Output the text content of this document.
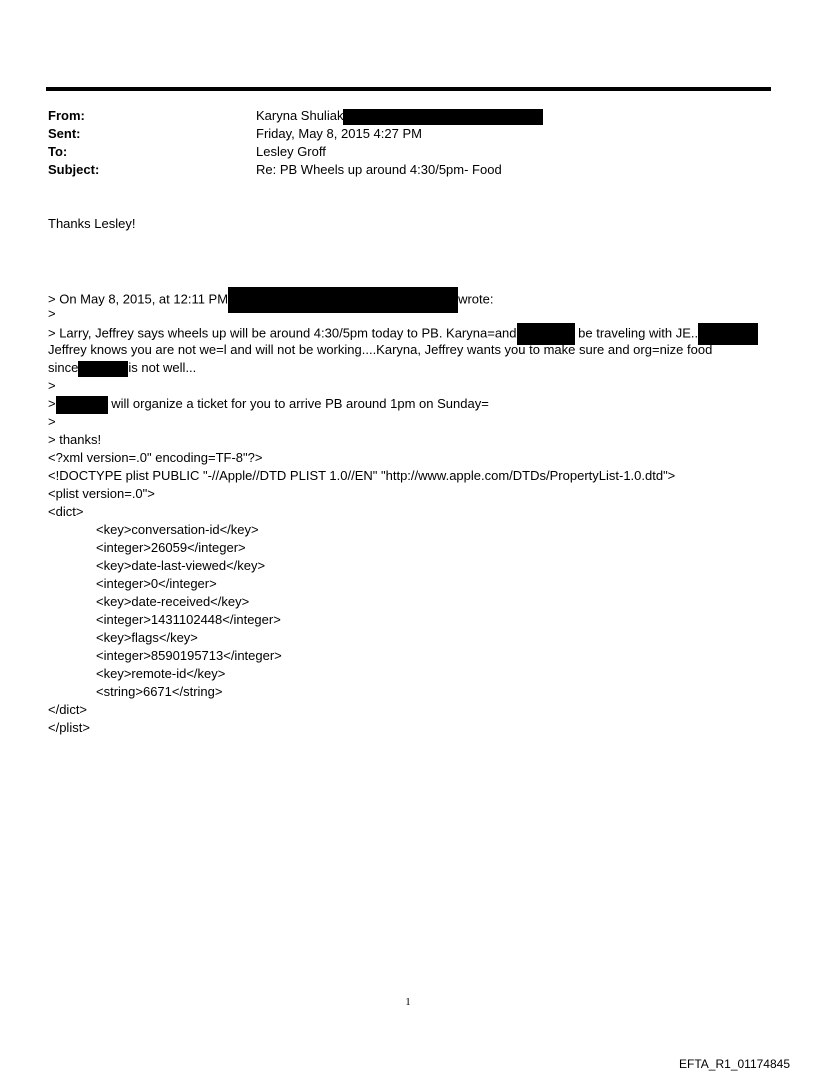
From:	Karyna Shuliak
Sent:	Friday, May 8, 2015 4:27 PM
To:	Lesley Groff
Subject:	Re: PB Wheels up around 4:30/5pm- Food
Thanks Lesley!
> On May 8, 2015, at 12:11 PM	wrote:
>
> Larry, Jeffrey says wheels up will be around 4:30/5pm today to PB. Karyna=and	be traveling with JE..
Jeffrey knows you are not we=l and will not be working....Karyna, Jeffrey wants you to make sure and org=nize food
since	is not well...
>
>	will organize a ticket for you to arrive PB around 1pm on Sunday=
>
> thanks!
<?xml version=.0" encoding=TF-8"?>
<!DOCTYPE plist PUBLIC "-//Apple//DTD PLIST 1.0//EN" "http://www.apple.com/DTDs/PropertyList-1.0.dtd">
<plist version=.0">
<dict>
<key>conversation-id</key>
<integer>26059</integer>
<key>date-last-viewed</key>
<integer>0</integer>
<key>date-received</key>
<integer>1431102448</integer>
<key>flags</key>
<integer>8590195713</integer>
<key>remote-id</key>
<string>6671</string>
</dict>
</plist>
1
EFTA_R1_01174845
